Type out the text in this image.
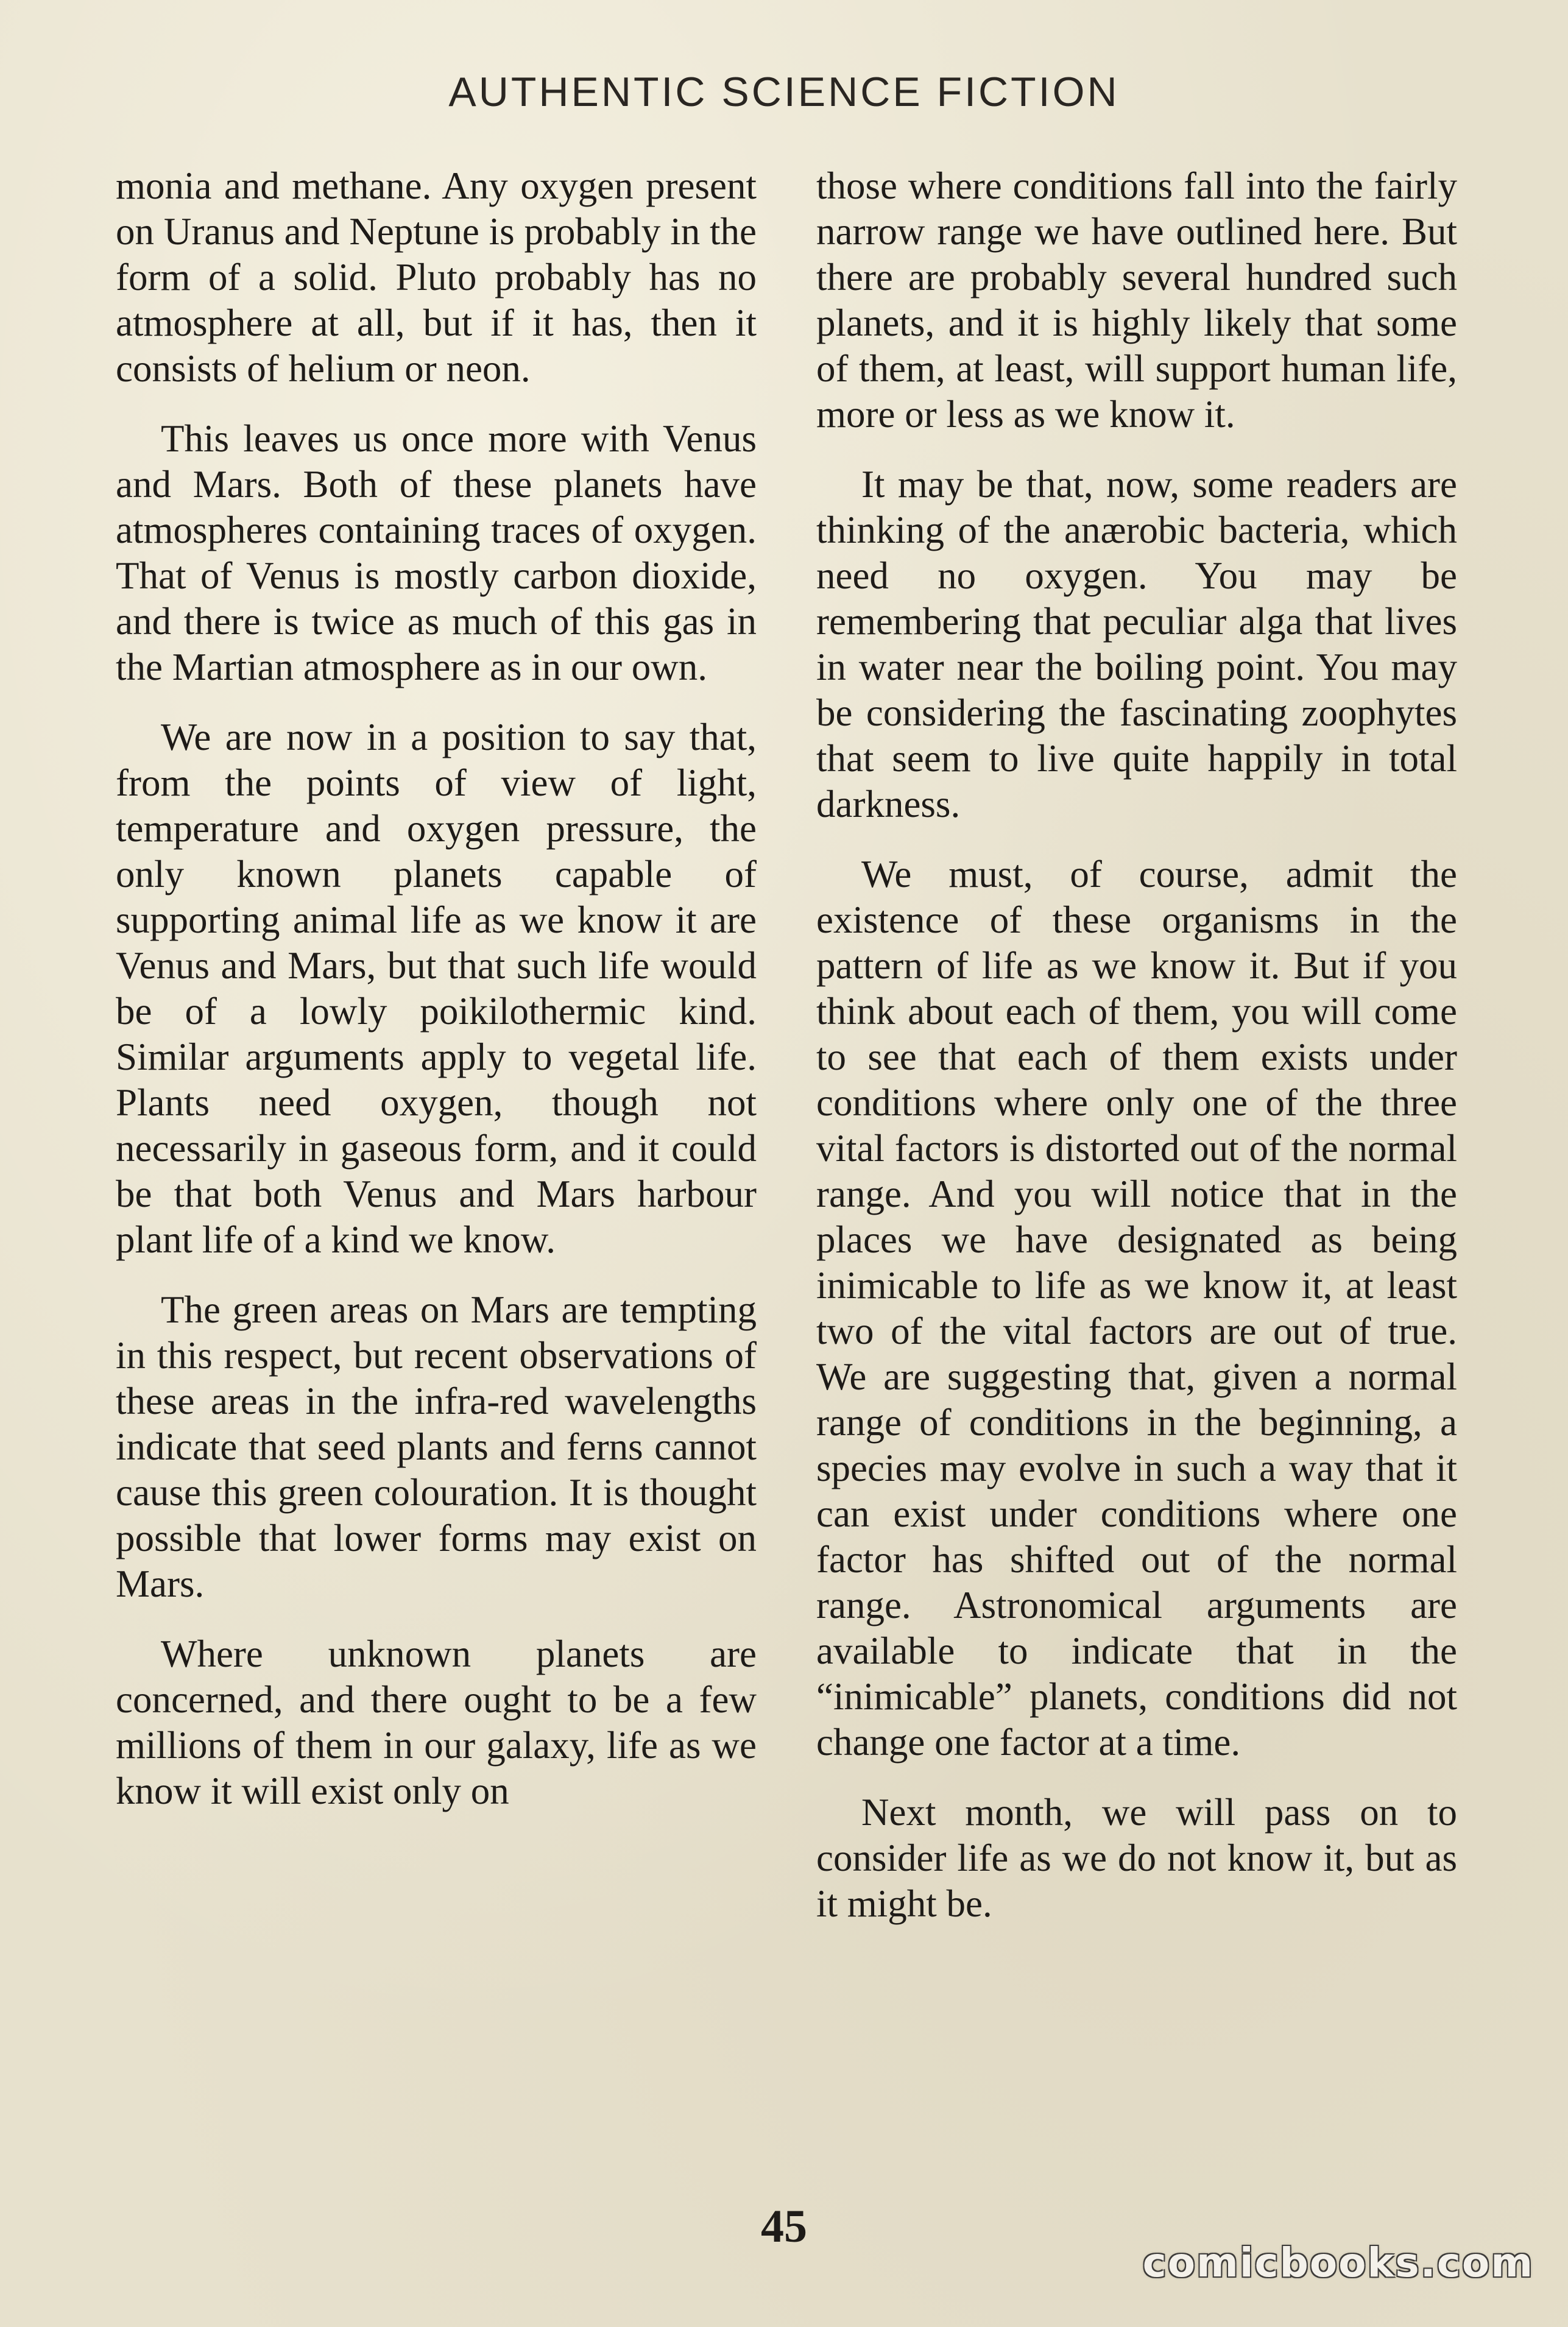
AUTHENTIC SCIENCE FICTION

monia and methane. Any oxygen present on Uranus and Neptune is probably in the form of a solid. Pluto probably has no atmosphere at all, but if it has, then it consists of helium or neon.

This leaves us once more with Venus and Mars. Both of these planets have atmospheres containing traces of oxygen. That of Venus is mostly carbon dioxide, and there is twice as much of this gas in the Martian atmosphere as in our own.

We are now in a position to say that, from the points of view of light, temperature and oxygen pressure, the only known planets capable of supporting animal life as we know it are Venus and Mars, but that such life would be of a lowly poikilothermic kind. Similar arguments apply to vegetal life. Plants need oxygen, though not necessarily in gaseous form, and it could be that both Venus and Mars harbour plant life of a kind we know.

The green areas on Mars are tempting in this respect, but recent observations of these areas in the infra-red wavelengths indicate that seed plants and ferns cannot cause this green colouration. It is thought possible that lower forms may exist on Mars.

Where unknown planets are concerned, and there ought to be a few millions of them in our galaxy, life as we know it will exist only on

those where conditions fall into the fairly narrow range we have outlined here. But there are probably several hundred such planets, and it is highly likely that some of them, at least, will support human life, more or less as we know it.

It may be that, now, some readers are thinking of the anærobic bacteria, which need no oxygen. You may be remembering that peculiar alga that lives in water near the boiling point. You may be considering the fascinating zoophytes that seem to live quite happily in total darkness.

We must, of course, admit the existence of these organisms in the pattern of life as we know it. But if you think about each of them, you will come to see that each of them exists under conditions where only one of the three vital factors is distorted out of the normal range. And you will notice that in the places we have designated as being inimicable to life as we know it, at least two of the vital factors are out of true. We are suggesting that, given a normal range of conditions in the beginning, a species may evolve in such a way that it can exist under conditions where one factor has shifted out of the normal range. Astronomical arguments are available to indicate that in the “inimicable” planets, conditions did not change one factor at a time.

Next month, we will pass on to consider life as we do not know it, but as it might be.

45
comicbooks.com
